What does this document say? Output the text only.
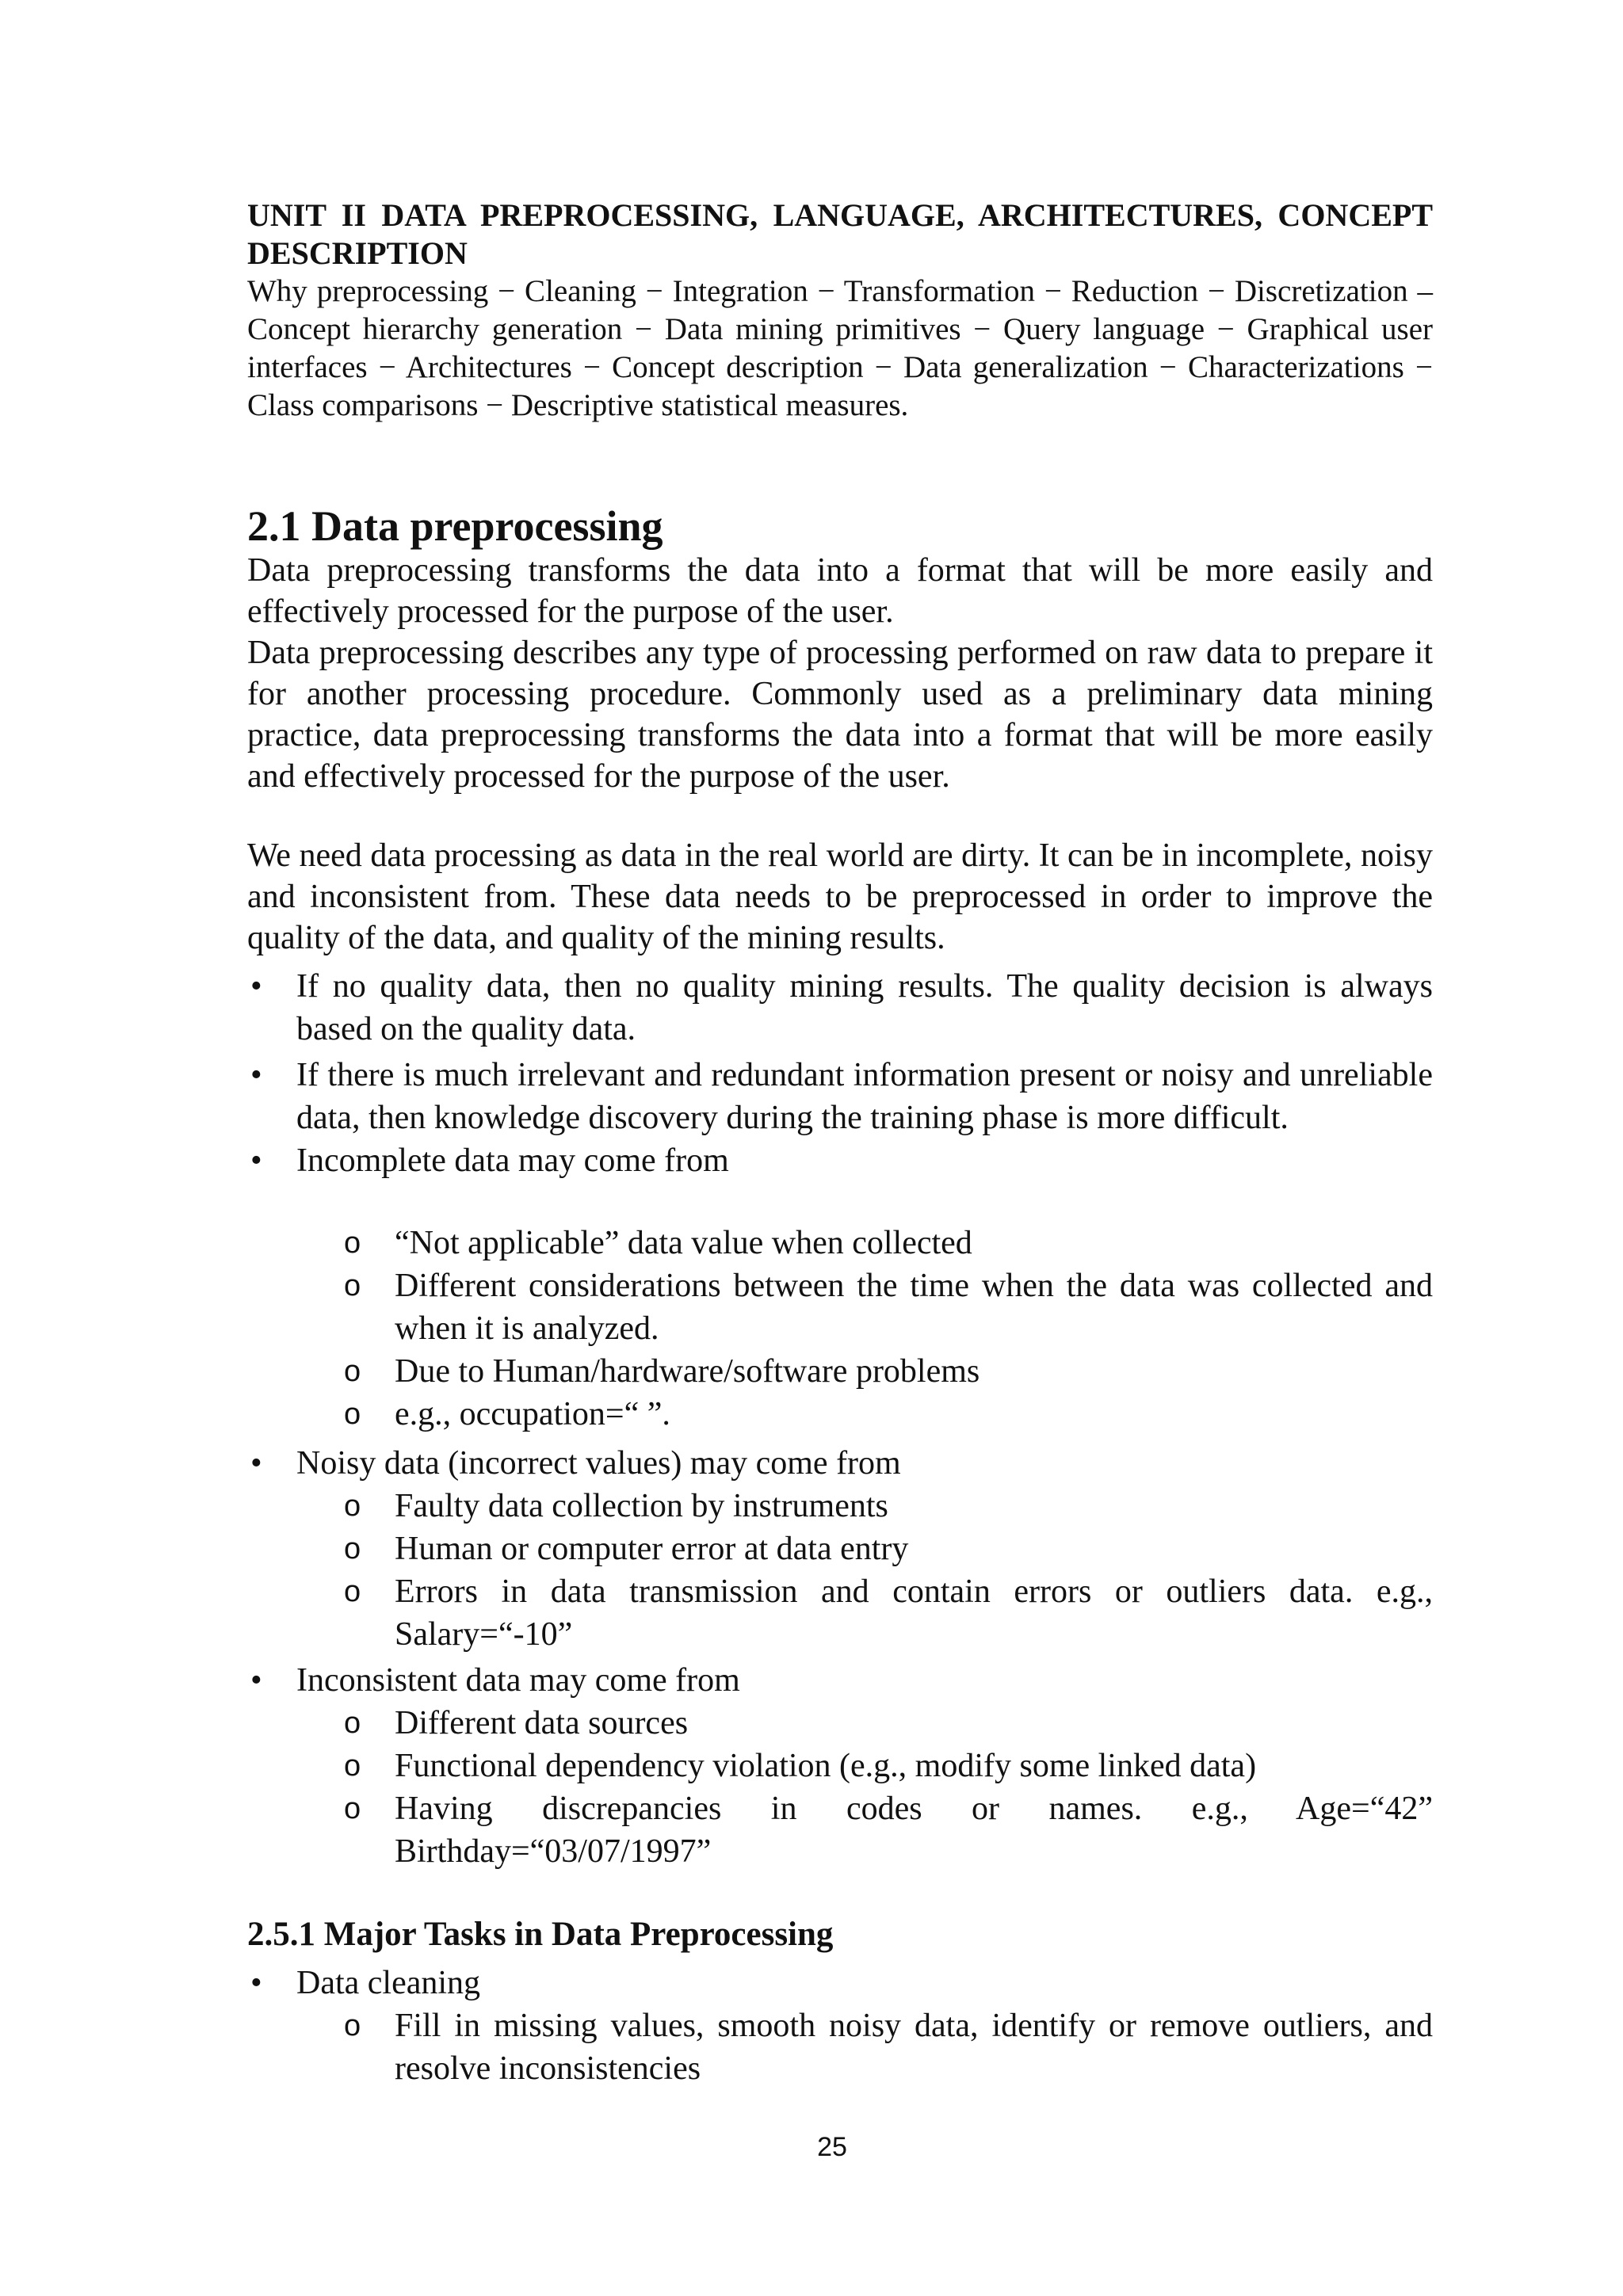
UNIT II DATA PREPROCESSING, LANGUAGE, ARCHITECTURES, CONCEPT DESCRIPTION
Why preprocessing − Cleaning − Integration − Transformation − Reduction − Discretization – Concept hierarchy generation − Data mining primitives − Query language − Graphical user interfaces − Architectures − Concept description − Data generalization − Characterizations − Class comparisons − Descriptive statistical measures.
2.1 Data preprocessing

Data preprocessing transforms the data into a format that will be more easily and effectively processed for the purpose of the user.

Data preprocessing describes any type of processing performed on raw data to prepare it for another processing procedure. Commonly used as a preliminary data mining practice, data preprocessing transforms the data into a format that will be more easily and effectively processed for the purpose of the user.

We need data processing as data in the real world are dirty. It can be in incomplete, noisy and inconsistent from. These data needs to be preprocessed in order to improve the quality of the data, and quality of the mining results.

• If no quality data, then no quality mining results. The quality decision is always based on the quality data.
• If there is much irrelevant and redundant information present or noisy and unreliable data, then knowledge discovery during the training phase is more difficult.
• Incomplete data may come from
o “Not applicable” data value when collected
o Different considerations between the time when the data was collected and when it is analyzed.
o Due to Human/hardware/software problems
o e.g., occupation=“ ”.
• Noisy data (incorrect values) may come from
o Faulty data collection by instruments
o Human or computer error at data entry
o Errors in data transmission and contain errors or outliers data. e.g., Salary=“-10”
• Inconsistent data may come from
o Different data sources
o Functional dependency violation (e.g., modify some linked data)
o Having discrepancies in codes or names. e.g., Age=“42” Birthday=“03/07/1997”
2.5.1 Major Tasks in Data Preprocessing
• Data cleaning
o Fill in missing values, smooth noisy data, identify or remove outliers, and resolve inconsistencies
25
